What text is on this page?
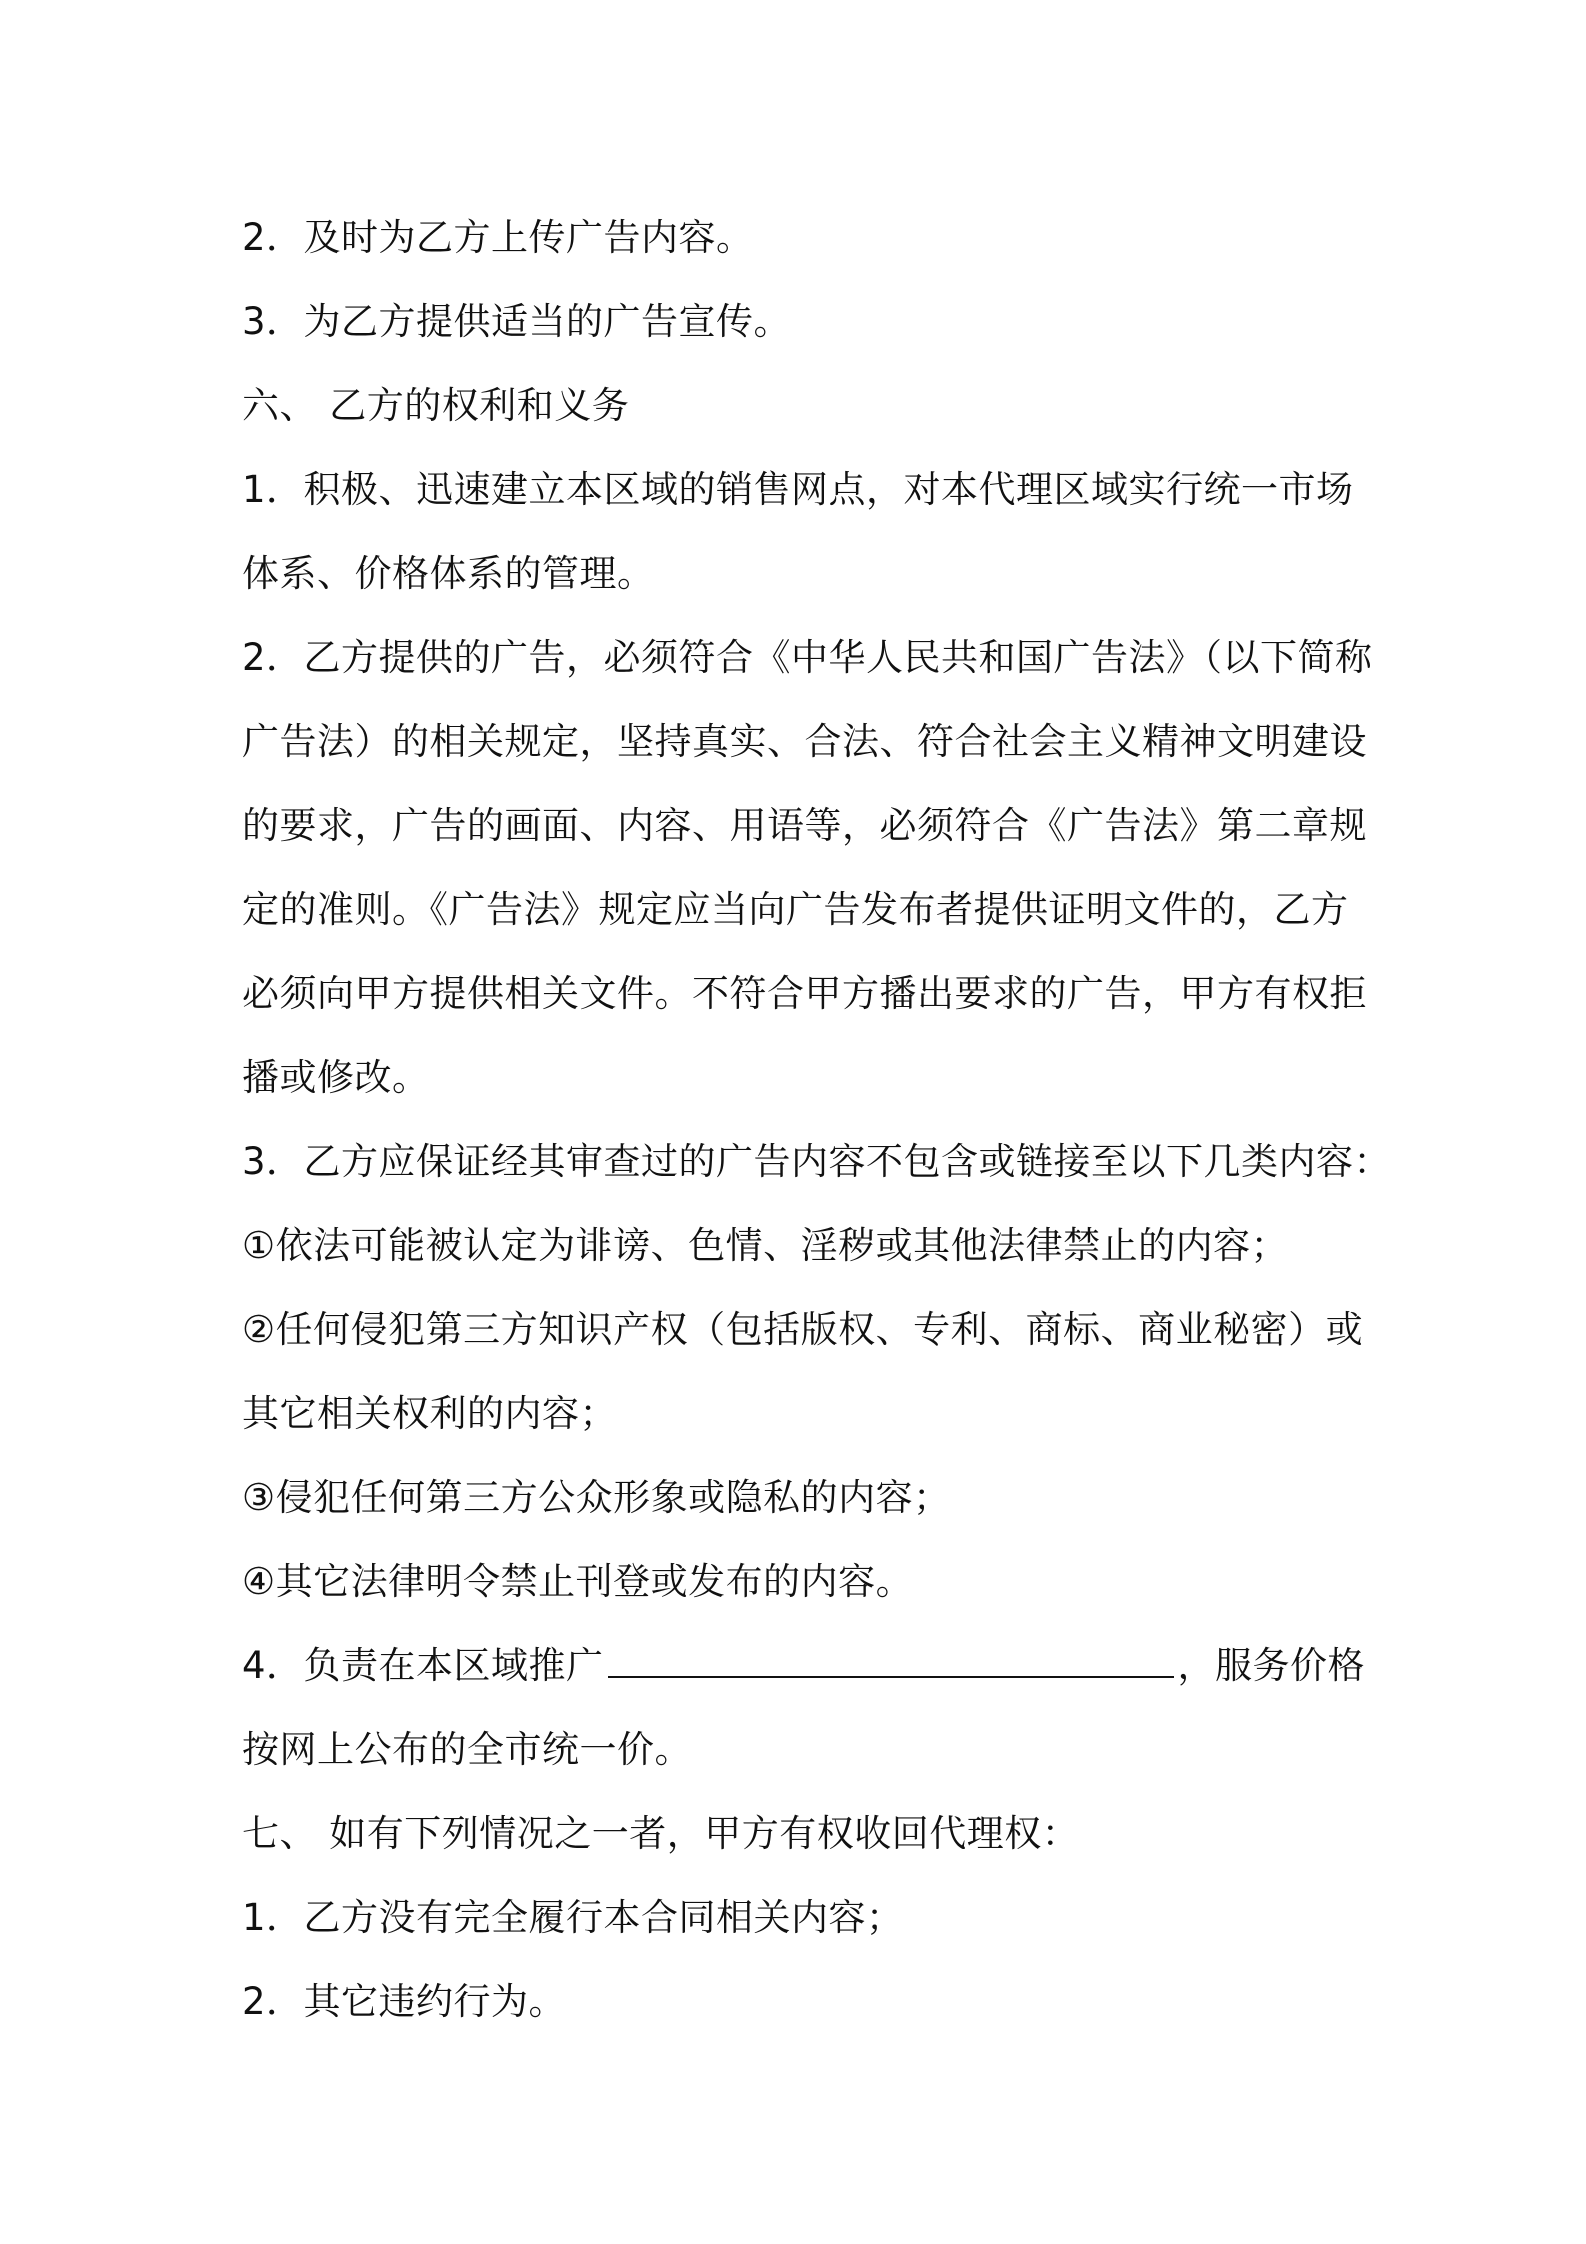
2．及时为乙方上传广告内容。
3．为乙方提供适当的广告宣传。
六、 乙方的权利和义务
1．积极、迅速建立本区域的销售网点，对本代理区域实行统一市场
体系、价格体系的管理。
2．乙方提供的广告，必须符合《中华人民共和国广告法》（以下简称
广告法）的相关规定，坚持真实、合法、符合社会主义精神文明建设
的要求，广告的画面、内容、用语等，必须符合《广告法》第二章规
定的准则。《广告法》规定应当向广告发布者提供证明文件的，乙方
必须向甲方提供相关文件。不符合甲方播出要求的广告，甲方有权拒
播或修改。
3．乙方应保证经其审查过的广告内容不包含或链接至以下几类内容：
①依法可能被认定为诽谤、色情、淫秽或其他法律禁止的内容；
②任何侵犯第三方知识产权（包括版权、专利、商标、商业秘密）或
其它相关权利的内容；
③侵犯任何第三方公众形象或隐私的内容；
④其它法律明令禁止刊登或发布的内容。
4．负责在本区域推广	，服务价格
按网上公布的全市统一价。
七、 如有下列情况之一者，甲方有权收回代理权：
1．乙方没有完全履行本合同相关内容；
2．其它违约行为。
